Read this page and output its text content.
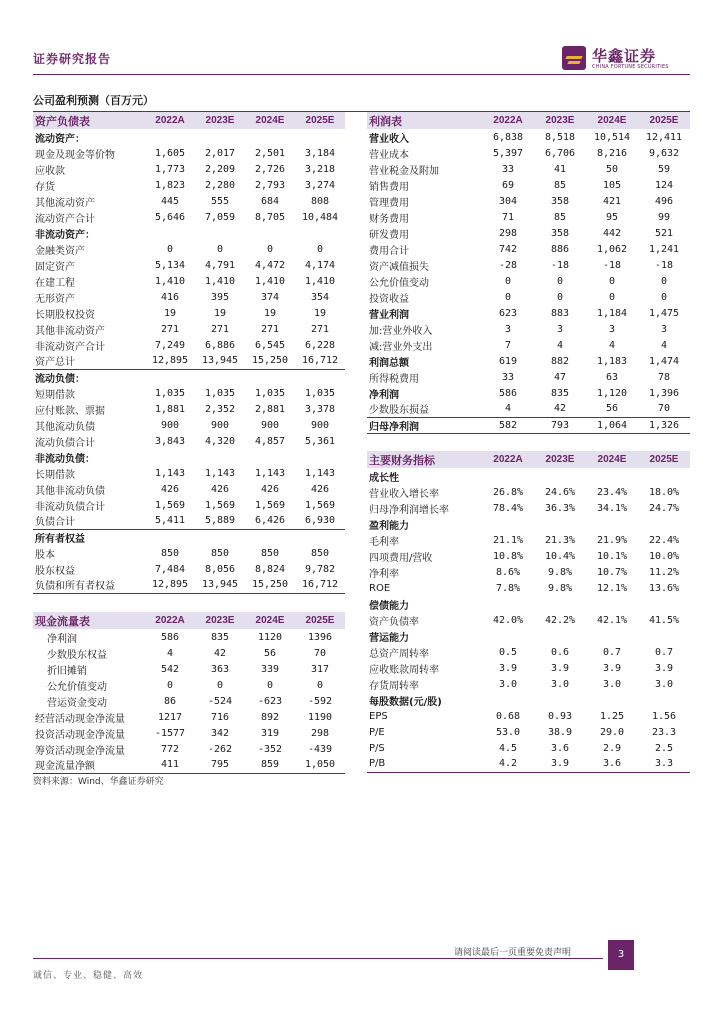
证券研究报告	华鑫证券
CHINA FORTUNE SECURITIES
公司盈利预测（百万元）
资产负债表	2022A	2023E	2024E	2025E
流动资产：				
现金及现金等价物	1,605	2,017	2,501	3,184
应收款	1,773	2,209	2,726	3,218
存货	1,823	2,280	2,793	3,274
其他流动资产	445	555	684	808
流动资产合计	5,646	7,059	8,705	10,484
非流动资产：				
金融类资产	0	0	0	0
固定资产	5,134	4,791	4,472	4,174
在建工程	1,410	1,410	1,410	1,410
无形资产	416	395	374	354
长期股权投资	19	19	19	19
其他非流动资产	271	271	271	271
非流动资产合计	7,249	6,886	6,545	6,228
资产总计	12,895	13,945	15,250	16,712
流动负债：				
短期借款	1,035	1,035	1,035	1,035
应付账款、票据	1,881	2,352	2,881	3,378
其他流动负债	900	900	900	900
流动负债合计	3,843	4,320	4,857	5,361
非流动负债：				
长期借款	1,143	1,143	1,143	1,143
其他非流动负债	426	426	426	426
非流动负债合计	1,569	1,569	1,569	1,569
负债合计	5,411	5,889	6,426	6,930
所有者权益				
股本	850	850	850	850
股东权益	7,484	8,056	8,824	9,782
负债和所有者权益	12,895	13,945	15,250	16,712
利润表	2022A	2023E	2024E	2025E
营业收入	6,838	8,518	10,514	12,411
营业成本	5,397	6,706	8,216	9,632
营业税金及附加	33	41	50	59
销售费用	69	85	105	124
管理费用	304	358	421	496
财务费用	71	85	95	99
研发费用	298	358	442	521
费用合计	742	886	1,062	1,241
资产减值损失	-28	-18	-18	-18
公允价值变动	0	0	0	0
投资收益	0	0	0	0
营业利润	623	883	1,184	1,475
加:营业外收入	3	3	3	3
减:营业外支出	7	4	4	4
利润总额	619	882	1,183	1,474
所得税费用	33	47	63	78
净利润	586	835	1,120	1,396
少数股东损益	4	42	56	70
归母净利润	582	793	1,064	1,326
主要财务指标	2022A	2023E	2024E	2025E
成长性				
营业收入增长率	26.8%	24.6%	23.4%	18.0%
归母净利润增长率	78.4%	36.3%	34.1%	24.7%
盈利能力				
毛利率	21.1%	21.3%	21.9%	22.4%
四项费用/营收	10.8%	10.4%	10.1%	10.0%
净利率	8.6%	9.8%	10.7%	11.2%
ROE	7.8%	9.8%	12.1%	13.6%
偿债能力				
资产负债率	42.0%	42.2%	42.1%	41.5%
营运能力				
总资产周转率	0.5	0.6	0.7	0.7
应收账款周转率	3.9	3.9	3.9	3.9
存货周转率	3.0	3.0	3.0	3.0
每股数据(元/股)				
EPS	0.68	0.93	1.25	1.56
P/E	53.0	38.9	29.0	23.3
P/S	4.5	3.6	2.9	2.5
P/B	4.2	3.9	3.6	3.3
现金流量表	2022A	2023E	2024E	2025E
净利润	586	835	1120	1396
少数股东权益	4	42	56	70
折旧摊销	542	363	339	317
公允价值变动	0	0	0	0
营运资金变动	86	-524	-623	-592
经营活动现金净流量	1217	716	892	1190
投资活动现金净流量	-1577	342	319	298
筹资活动现金净流量	772	-262	-352	-439
现金流量净额	411	795	859	1,050
资料来源：Wind、华鑫证券研究
请阅读最后一页重要免责声明	3
诚信、专业、稳健、高效
